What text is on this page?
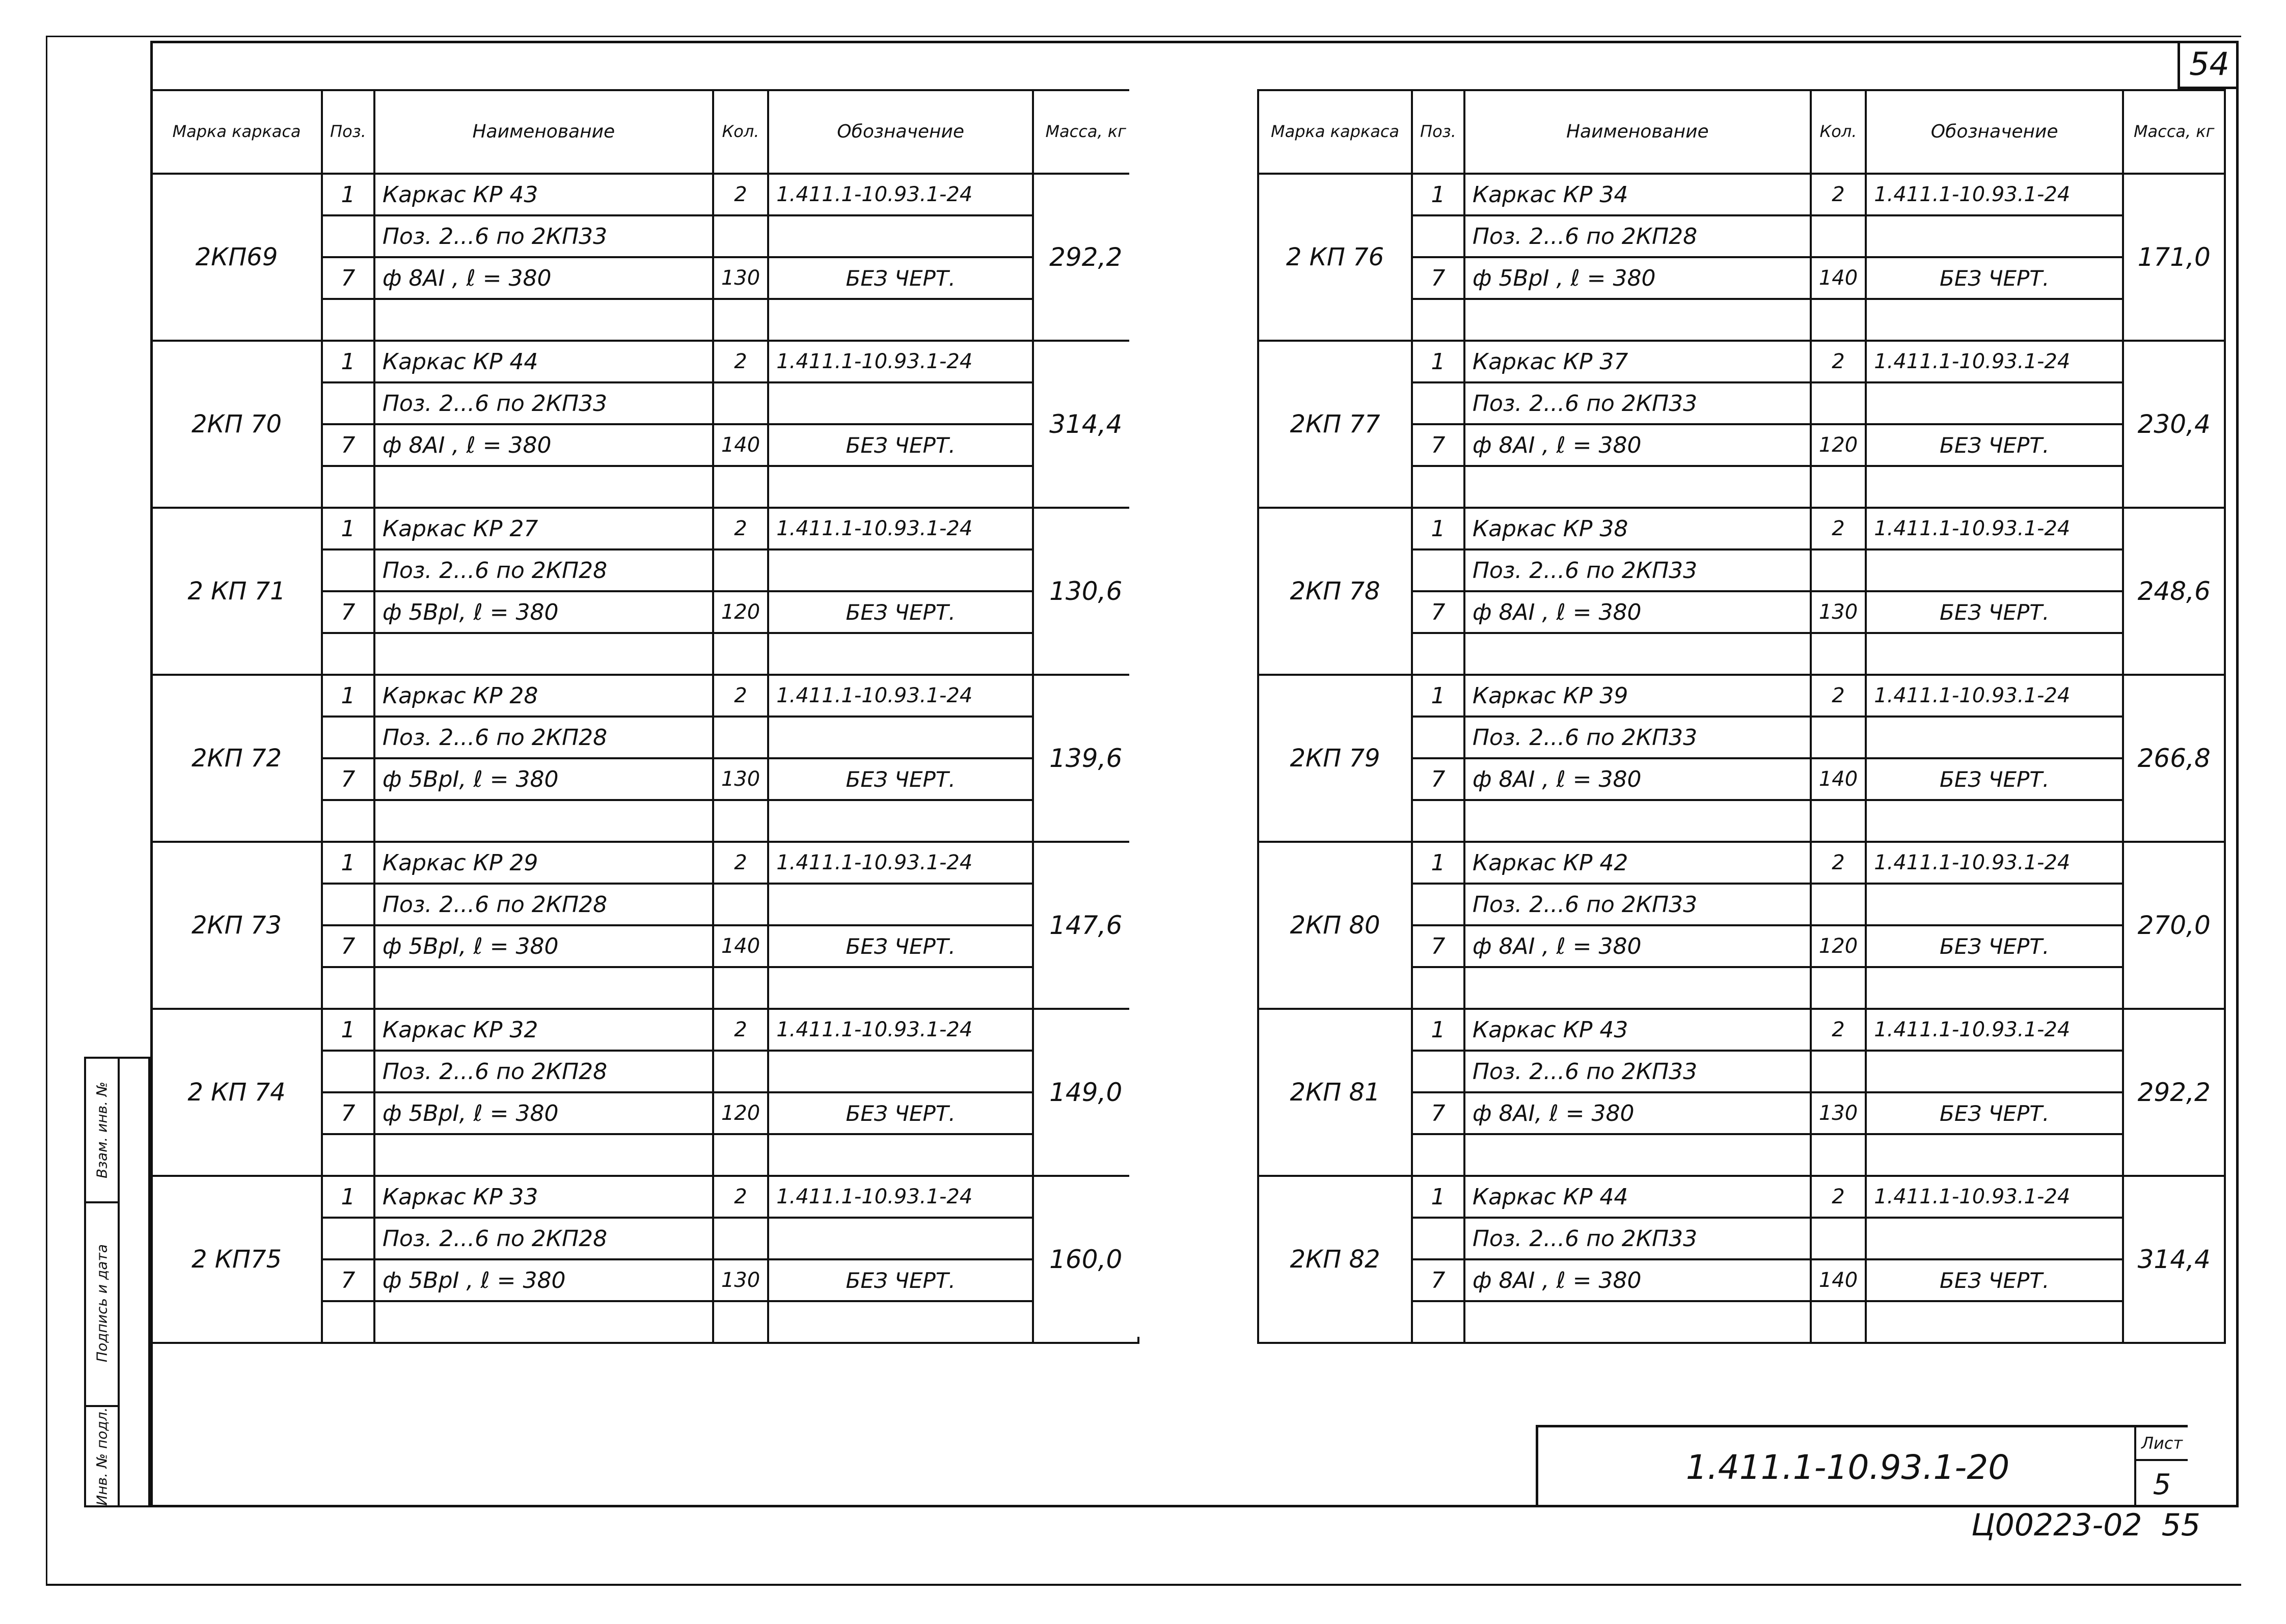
54
Марка каркаса	Поз.	Наименование	Кол.	Обозначение	Масса, кг
2КП69	1	Каркас КР 43	2	1.411.1-10.93.1-24	292,2
		Поз. 2...6 по 2КП33			
	7	ф 8АI , ℓ = 380	130	БЕЗ ЧЕРТ.	

2КП 70	1	Каркас КР 44	2	1.411.1-10.93.1-24	314,4
		Поз. 2...6 по 2КП33			
	7	ф 8АI , ℓ = 380	140	БЕЗ ЧЕРТ.	

2 КП 71	1	Каркас КР 27	2	1.411.1-10.93.1-24	130,6
		Поз. 2...6 по 2КП28			
	7	ф 5ВрI, ℓ = 380	120	БЕЗ ЧЕРТ.	

2КП 72	1	Каркас КР 28	2	1.411.1-10.93.1-24	139,6
		Поз. 2...6 по 2КП28			
	7	ф 5ВрI, ℓ = 380	130	БЕЗ ЧЕРТ.	

2КП 73	1	Каркас КР 29	2	1.411.1-10.93.1-24	147,6
		Поз. 2...6 по 2КП28			
	7	ф 5ВрI, ℓ = 380	140	БЕЗ ЧЕРТ.	

2 КП 74	1	Каркас КР 32	2	1.411.1-10.93.1-24	149,0
		Поз. 2...6 по 2КП28			
	7	ф 5ВрI, ℓ = 380	120	БЕЗ ЧЕРТ.	

2 КП75	1	Каркас КР 33	2	1.411.1-10.93.1-24	160,0
		Поз. 2...6 по 2КП28			
	7	ф 5ВрI , ℓ = 380	130	БЕЗ ЧЕРТ.	

Марка каркаса	Поз.	Наименование	Кол.	Обозначение	Масса, кг
2 КП 76	1	Каркас КР 34	2	1.411.1-10.93.1-24	171,0
		Поз. 2...6 по 2КП28			
	7	ф 5ВрI , ℓ = 380	140	БЕЗ ЧЕРТ.	

2КП 77	1	Каркас КР 37	2	1.411.1-10.93.1-24	230,4
		Поз. 2...6 по 2КП33			
	7	ф 8АI , ℓ = 380	120	БЕЗ ЧЕРТ.	

2КП 78	1	Каркас КР 38	2	1.411.1-10.93.1-24	248,6
		Поз. 2...6 по 2КП33			
	7	ф 8АI , ℓ = 380	130	БЕЗ ЧЕРТ.	

2КП 79	1	Каркас КР 39	2	1.411.1-10.93.1-24	266,8
		Поз. 2...6 по 2КП33			
	7	ф 8АI , ℓ = 380	140	БЕЗ ЧЕРТ.	

2КП 80	1	Каркас КР 42	2	1.411.1-10.93.1-24	270,0
		Поз. 2...6 по 2КП33			
	7	ф 8АI , ℓ = 380	120	БЕЗ ЧЕРТ.	

2КП 81	1	Каркас КР 43	2	1.411.1-10.93.1-24	292,2
		Поз. 2...6 по 2КП33			
	7	ф 8АI, ℓ = 380	130	БЕЗ ЧЕРТ.	

2КП 82	1	Каркас КР 44	2	1.411.1-10.93.1-24	314,4
		Поз. 2...6 по 2КП33			
	7	ф 8АI , ℓ = 380	140	БЕЗ ЧЕРТ.	

Взам. инв. №
Подпись и дата
Инв. № подл.	1.411.1-10.93.1-20
Лист
5
Ц00223-02 55
